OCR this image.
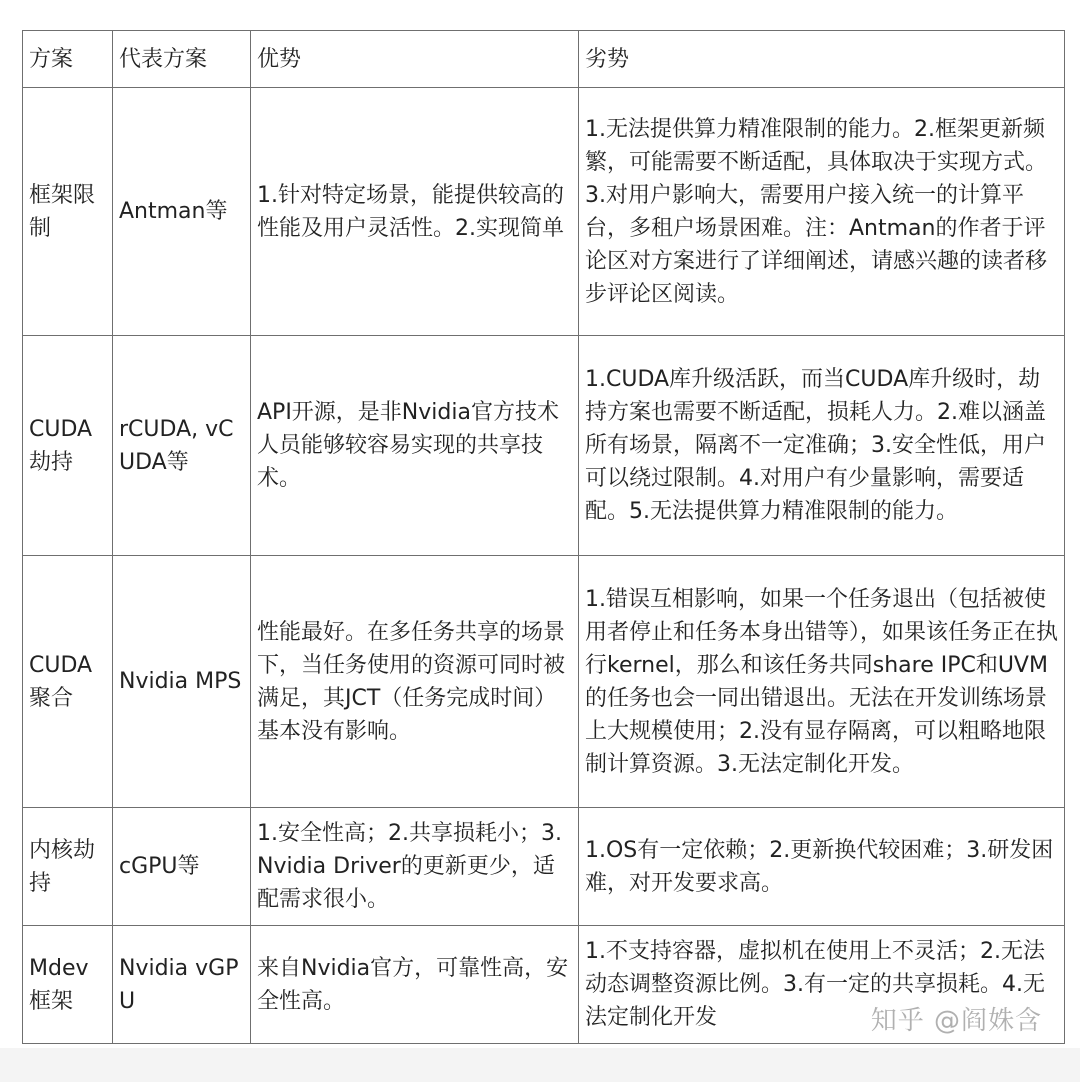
方案	代表方案	优势	劣势
框架限制	Antman等	1.针对特定场景，能提供较高的性能及用户灵活性。2.实现简单	1.无法提供算力精准限制的能力。2.框架更新频繁，可能需要不断适配，具体取决于实现方式。3.对用户影响大，需要用户接入统一的计算平台，多租户场景困难。注：Antman的作者于评论区对方案进行了详细阐述，请感兴趣的读者移步评论区阅读。
CUDA劫持	rCUDA, vCUDA等	API开源，是非Nvidia官方技术人员能够较容易实现的共享技术。	1.CUDA库升级活跃，而当CUDA库升级时，劫持方案也需要不断适配，损耗人力。2.难以涵盖所有场景，隔离不一定准确；3.安全性低，用户可以绕过限制。4.对用户有少量影响，需要适配。5.无法提供算力精准限制的能力。
CUDA聚合	Nvidia MPS	性能最好。在多任务共享的场景下，当任务使用的资源可同时被满足，其JCT（任务完成时间）基本没有影响。	1.错误互相影响，如果一个任务退出（包括被使用者停止和任务本身出错等），如果该任务正在执行kernel，那么和该任务共同share IPC和UVM的任务也会一同出错退出。无法在开发训练场景上大规模使用；2.没有显存隔离，可以粗略地限制计算资源。3.无法定制化开发。
内核劫持	cGPU等	1.安全性高；2.共享损耗小；3.Nvidia Driver的更新更少，适配需求很小。	1.OS有一定依赖；2.更新换代较困难；3.研发困难，对开发要求高。
Mdev框架	Nvidia vGPU	来自Nvidia官方，可靠性高，安全性高。	1.不支持容器，虚拟机在使用上不灵活；2.无法动态调整资源比例。3.有一定的共享损耗。4.无法定制化开发	知乎 @阎姝含
